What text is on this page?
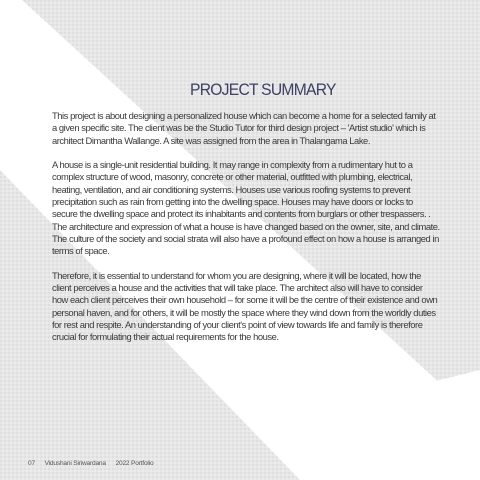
PROJECT SUMMARY

This project is about designing a personalized house which can become a home for a selected family at a given specific site. The client was be the Studio Tutor for third design project – 'Artist studio' which is architect Dimantha Wallange. A site was assigned from the area in Thalangama Lake.

A house is a single-unit residential building. It may range in complexity from a rudimentary hut to a complex structure of wood, masonry, concrete or other material, outfitted with plumbing, electrical, heating, ventilation, and air conditioning systems. Houses use various roofing systems to prevent precipitation such as rain from getting into the dwelling space. Houses may have doors or locks to secure the dwelling space and protect its inhabitants and contents from burglars or other trespassers. . The architecture and expression of what a house is have changed based on the owner, site, and climate. The culture of the society and social strata will also have a profound effect on how a house is arranged in terms of space.

Therefore, it is essential to understand for whom you are designing, where it will be located, how the client perceives a house and the activities that will take place. The architect also will have to consider how each client perceives their own household – for some it will be the centre of their existence and own personal haven, and for others, it will be mostly the space where they wind down from the worldly duties for rest and respite. An understanding of your client's point of view towards life and family is therefore crucial for formulating their actual requirements for the house.

07 Vidushani Siriwardana 2022 Portfolio
